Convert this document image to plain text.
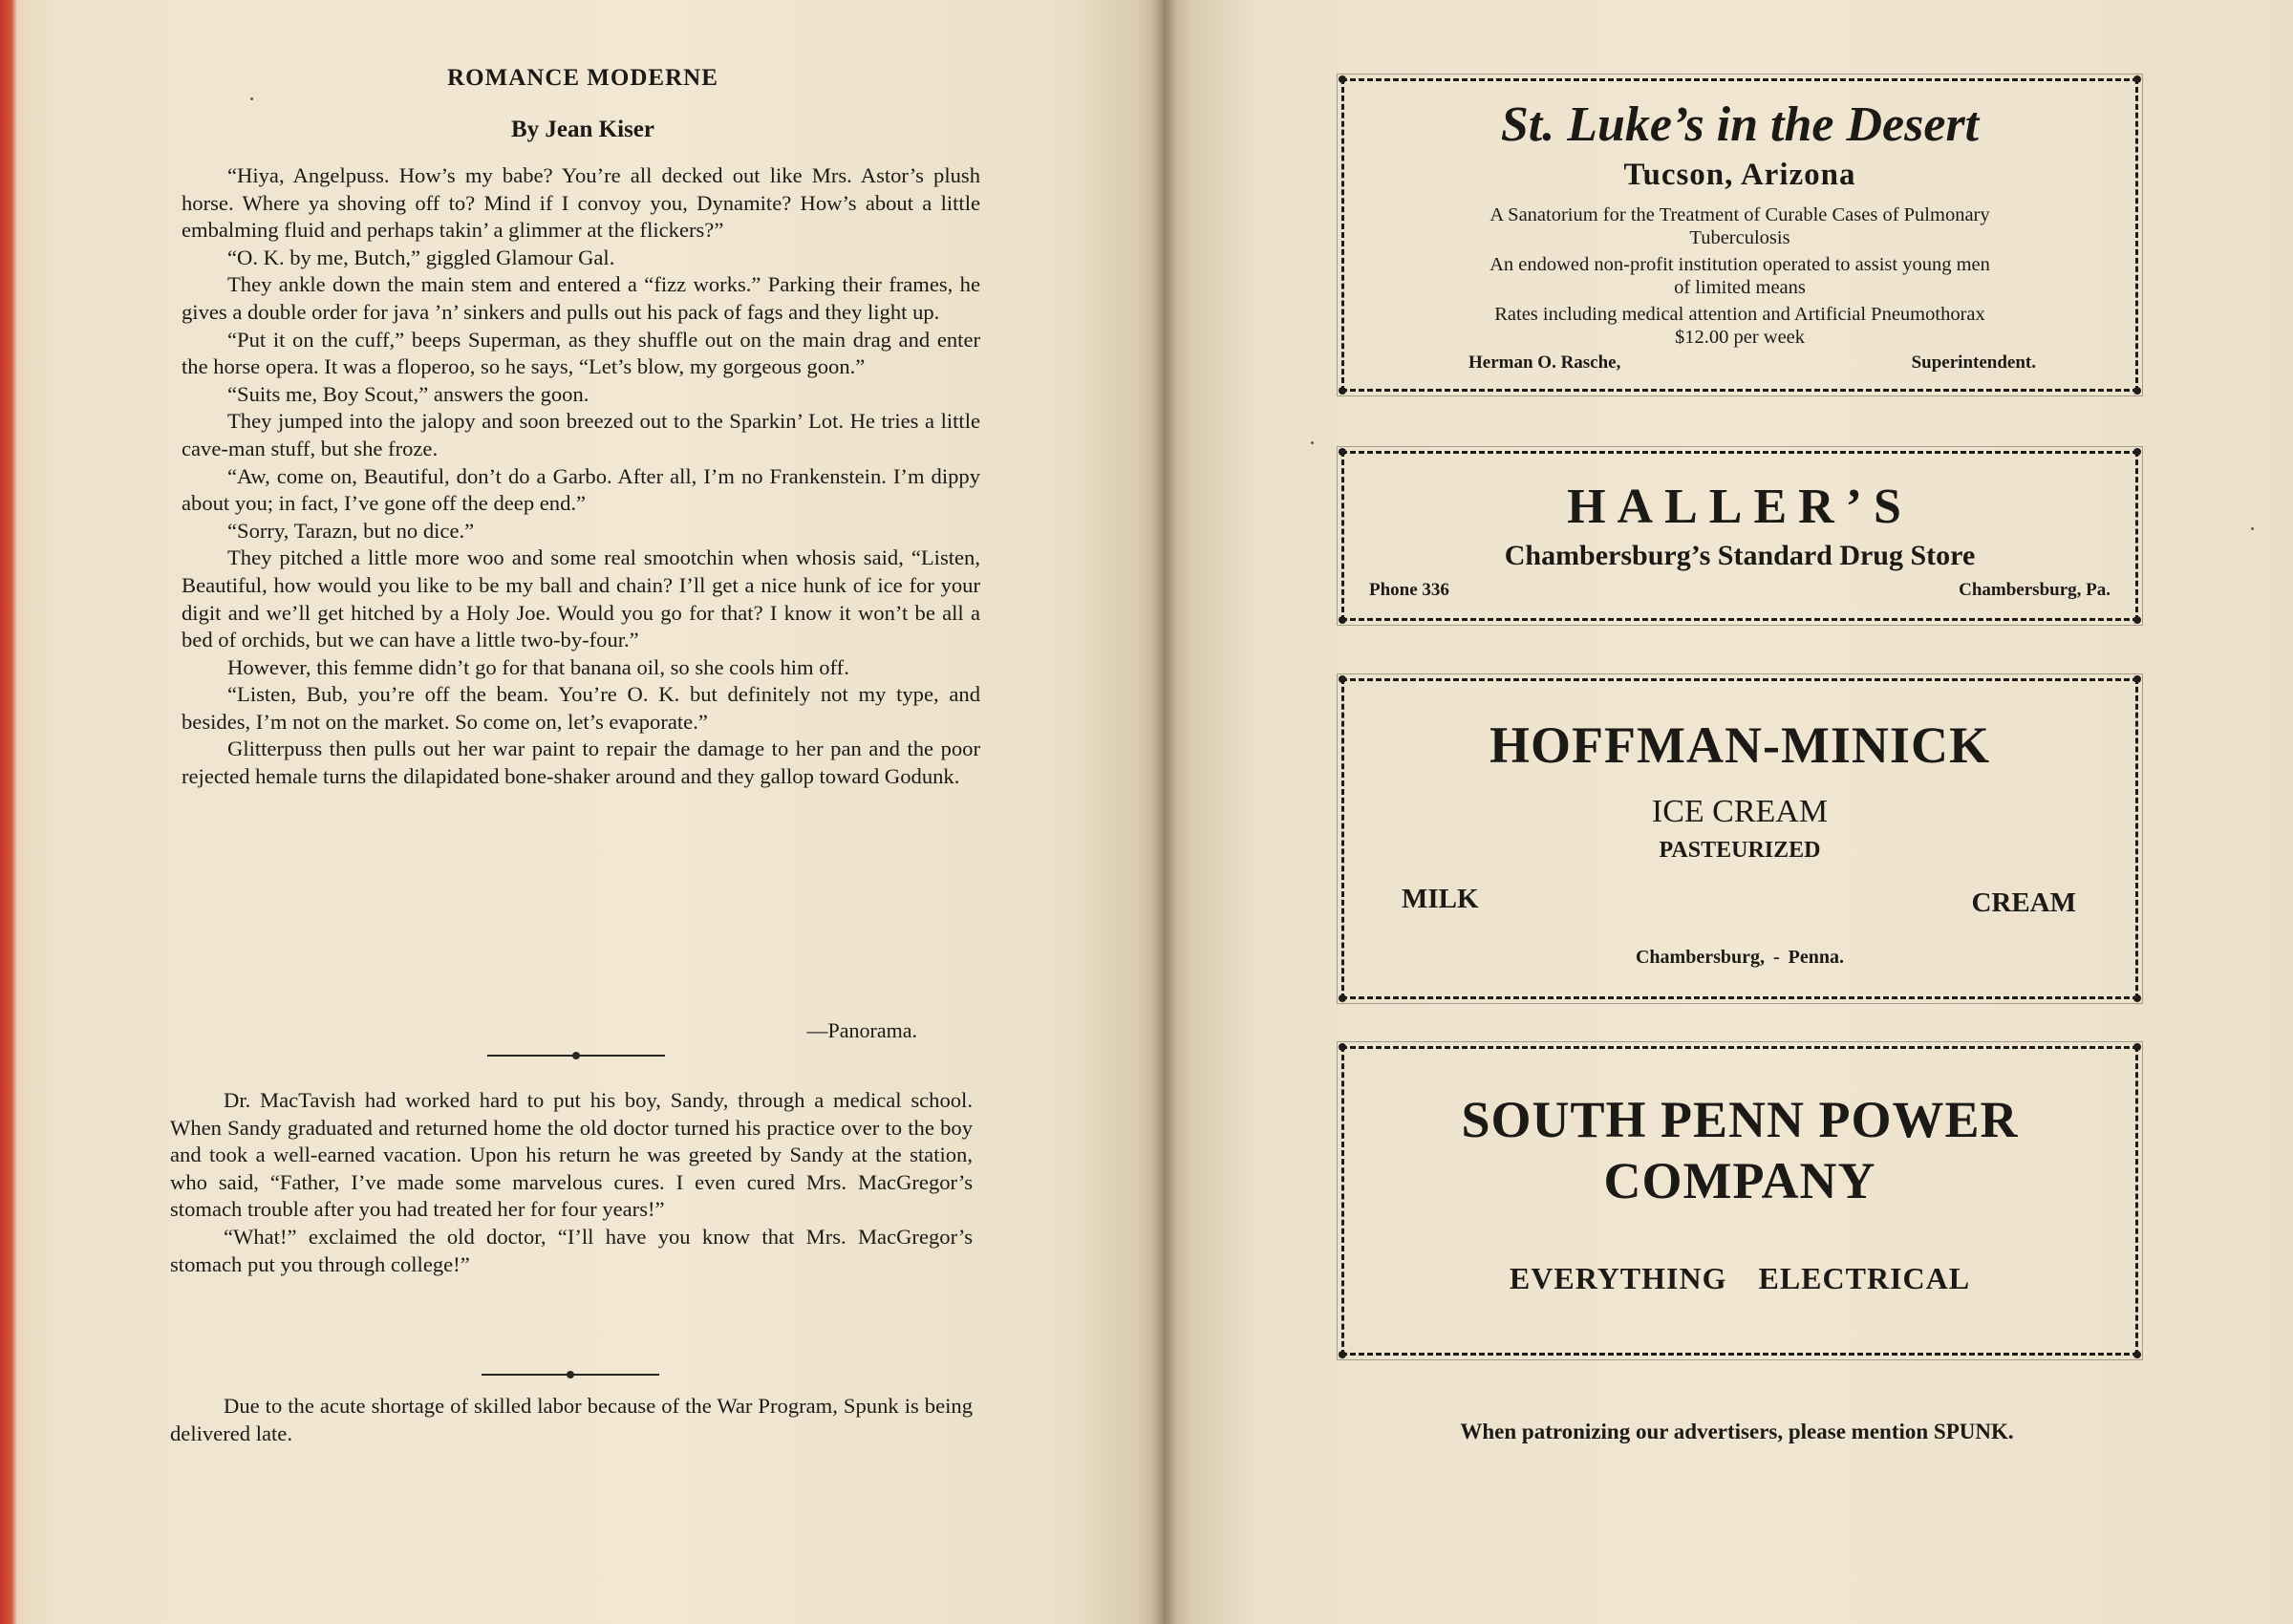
ROMANCE MODERNE
By Jean Kiser

“Hiya, Angelpuss. How’s my babe? You’re all decked out like Mrs. Astor’s plush horse. Where ya shoving off to? Mind if I convoy you, Dynamite? How’s about a little embalming fluid and perhaps takin’ a glimmer at the flickers?”

“O. K. by me, Butch,” giggled Glamour Gal.

They ankle down the main stem and entered a “fizz works.” Parking their frames, he gives a double order for java ’n’ sinkers and pulls out his pack of fags and they light up.

“Put it on the cuff,” beeps Superman, as they shuffle out on the main drag and enter the horse opera. It was a floperoo, so he says, “Let’s blow, my gorgeous goon.”

“Suits me, Boy Scout,” answers the goon.

They jumped into the jalopy and soon breezed out to the Sparkin’ Lot. He tries a little cave-man stuff, but she froze.

“Aw, come on, Beautiful, don’t do a Garbo. After all, I’m no Frankenstein. I’m dippy about you; in fact, I’ve gone off the deep end.”

“Sorry, Tarazn, but no dice.”

They pitched a little more woo and some real smootchin when whosis said, “Listen, Beautiful, how would you like to be my ball and chain? I’ll get a nice hunk of ice for your digit and we’ll get hitched by a Holy Joe. Would you go for that? I know it won’t be all a bed of orchids, but we can have a little two-by-four.”

However, this femme didn’t go for that banana oil, so she cools him off.

“Listen, Bub, you’re off the beam. You’re O. K. but definitely not my type, and besides, I’m not on the market. So come on, let’s evaporate.”

Glitterpuss then pulls out her war paint to repair the damage to her pan and the poor rejected hemale turns the dilapidated bone-shaker around and they gallop toward Godunk.

—Panorama.

Dr. MacTavish had worked hard to put his boy, Sandy, through a medical school. When Sandy graduated and returned home the old doctor turned his practice over to the boy and took a well-earned vacation. Upon his return he was greeted by Sandy at the station, who said, “Father, I’ve made some marvelous cures. I even cured Mrs. MacGregor’s stomach trouble after you had treated her for four years!”

“What!” exclaimed the old doctor, “I’ll have you know that Mrs. MacGregor’s stomach put you through college!”

Due to the acute shortage of skilled labor because of the War Program, Spunk is being delivered late.

St. Luke’s in the Desert

Tucson, Arizona

A Sanatorium for the Treatment of Curable Cases of Pulmonary Tuberculosis

An endowed non-profit institution operated to assist young men of limited means

Rates including medical attention and Artificial Pneumothorax $12.00 per week

Herman O. Rasche,	Superintendent.

HALLER’S

Chambersburg’s Standard Drug Store

Phone 336	Chambersburg, Pa.

HOFFMAN-MINICK

ICE CREAM

PASTEURIZED

MILK	CREAM

Chambersburg, - Penna.

SOUTH PENN POWER COMPANY

EVERYTHING ELECTRICAL

When patronizing our advertisers, please mention SPUNK.
